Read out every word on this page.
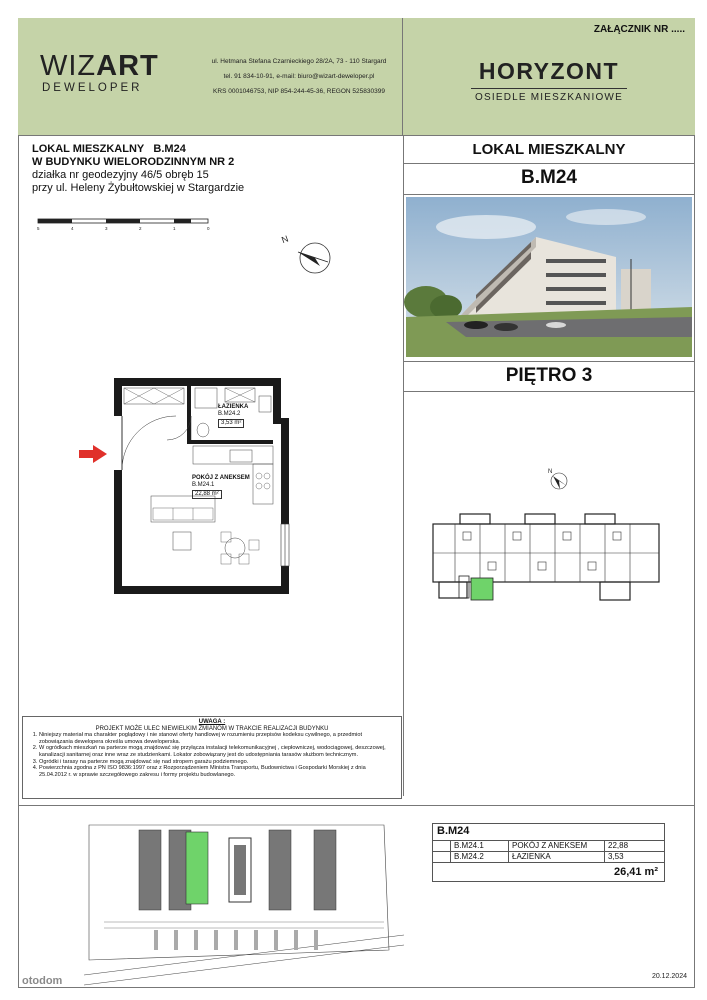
WIZART
DEWELOPER
ul. Hetmana Stefana Czarnieckiego 28/2A, 73 - 110 Stargard
tel. 91 834-10-91, e-mail: biuro@wizart-deweloper.pl
KRS 0001046753, NIP 854-244-45-36, REGON 525830399
ZAŁĄCZNIK NR .....
HORYZONT
OSIEDLE MIESZKANIOWE
LOKAL MIESZKALNY B.M24
W BUDYNKU WIELORODZINNYM NR 2
działka nr geodezyjny 46/5 obręb 15
przy ul. Heleny Żybułtowskiej w Stargardzie
5	4	3	2	1	0
N
ŁAZIENKA
B.M24.2
3,53 m²
POKÓJ Z ANEKSEM
B.M24.1
22,88 m²
LOKAL MIESZKALNY
B.M24
PIĘTRO 3
N
UWAGA :
PROJEKT MOŻE ULEC NIEWIELKIM ZMIANOM W TRAKCIE REALIZACJI BUDYNKU
1. Niniejszy materiał ma charakter poglądowy i nie stanowi oferty handlowej w rozumieniu przepisów kodeksu cywilnego, a przedmiot zobowiązania dewelopera określa umowa deweloperska.
2. W ogródkach mieszkań na parterze mogą znajdować się przyłącza instalacji telekomunikacyjnej , ciepłowniczej, wodociągowej, deszczowej, kanalizacji sanitarnej oraz inne wraz ze studzienkami. Lokator zobowiązany jest do udostępniania tarasów służbom technicznym.
3. Ogródki i tarasy na parterze mogą znajdować się nad stropem garażu podziemnego.
4. Powierzchnia zgodna z PN ISO 9836:1997 oraz z Rozporządzeniem Ministra Transportu, Budownictwa i Gospodarki Morskiej z dnia 25.04.2012 r. w sprawie szczegółowego zakresu i formy projektu budowlanego.
B.M24
B.M24.1	POKÓJ Z ANEKSEM	22,88
B.M24.2	ŁAZIENKA	3,53
26,41 m²
20.12.2024
otodom
